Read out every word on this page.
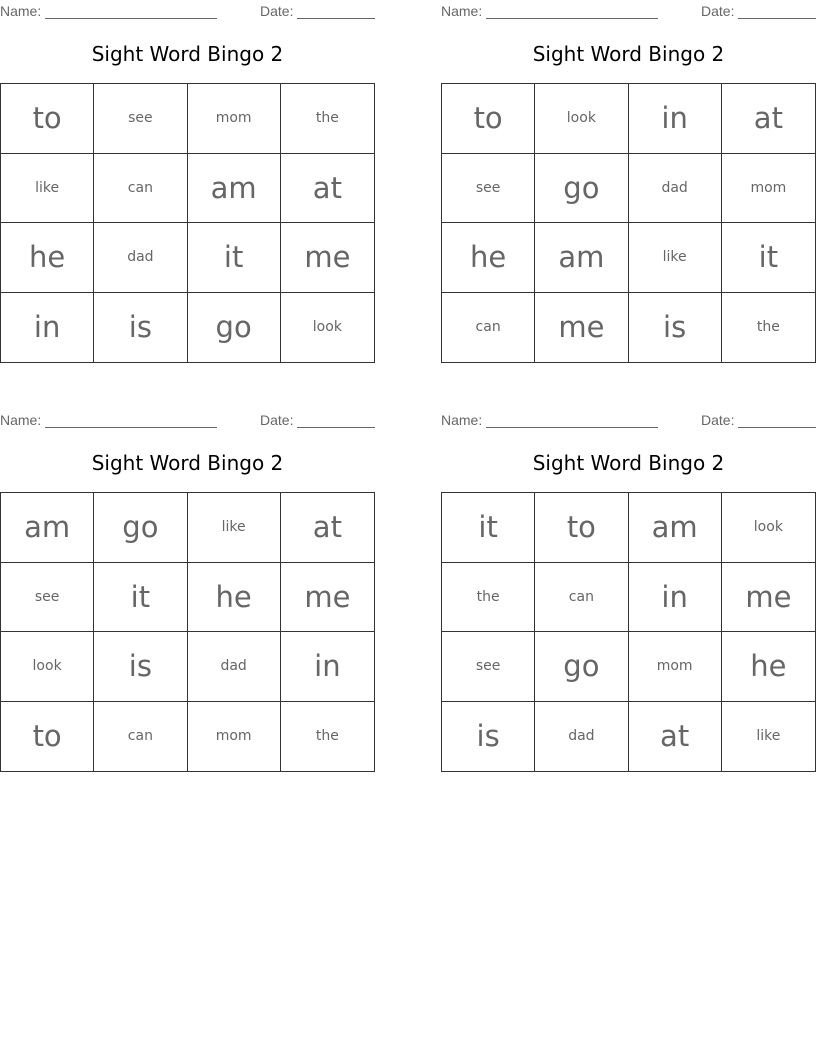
Name:	Date:
Sight Word Bingo 2
to	see	mom	the
like	can	am	at
he	dad	it	me
in	is	go	look
Name:	Date:
Sight Word Bingo 2
to	look	in	at
see	go	dad	mom
he	am	like	it
can	me	is	the
Name:	Date:
Sight Word Bingo 2
am	go	like	at
see	it	he	me
look	is	dad	in
to	can	mom	the
Name:	Date:
Sight Word Bingo 2
it	to	am	look
the	can	in	me
see	go	mom	he
is	dad	at	like
